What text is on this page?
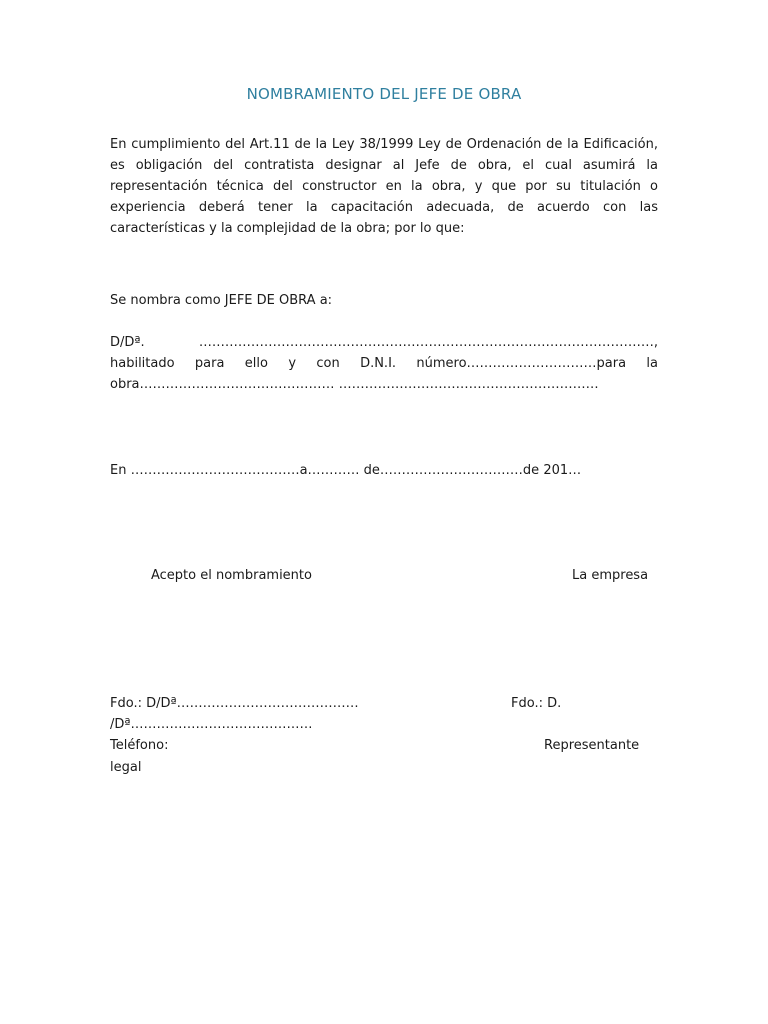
NOMBRAMIENTO DEL JEFE DE OBRA
En cumplimiento del Art.11 de la Ley 38/1999 Ley de Ordenación de la Edificación, es obligación del contratista designar al Jefe de obra, el cual asumirá la representación técnica del constructor en la obra, y que por su titulación o experiencia deberá tener la capacitación adecuada, de acuerdo con las características y la complejidad de la obra; por lo que:
Se nombra como JEFE DE OBRA a:
D/Dª. ……………………………………………………………………………………………, habilitado para ello y con D.N.I. número…………………………para la obra……………………………………… ……………………………………………………
En …………………………………a………… de……………………………de 201…
Acepto el nombramiento	La empresa
Fdo.: D/Dª……………………………………
/Dª……………………………………
Teléfono:
legal
Fdo.: D.
Representante
